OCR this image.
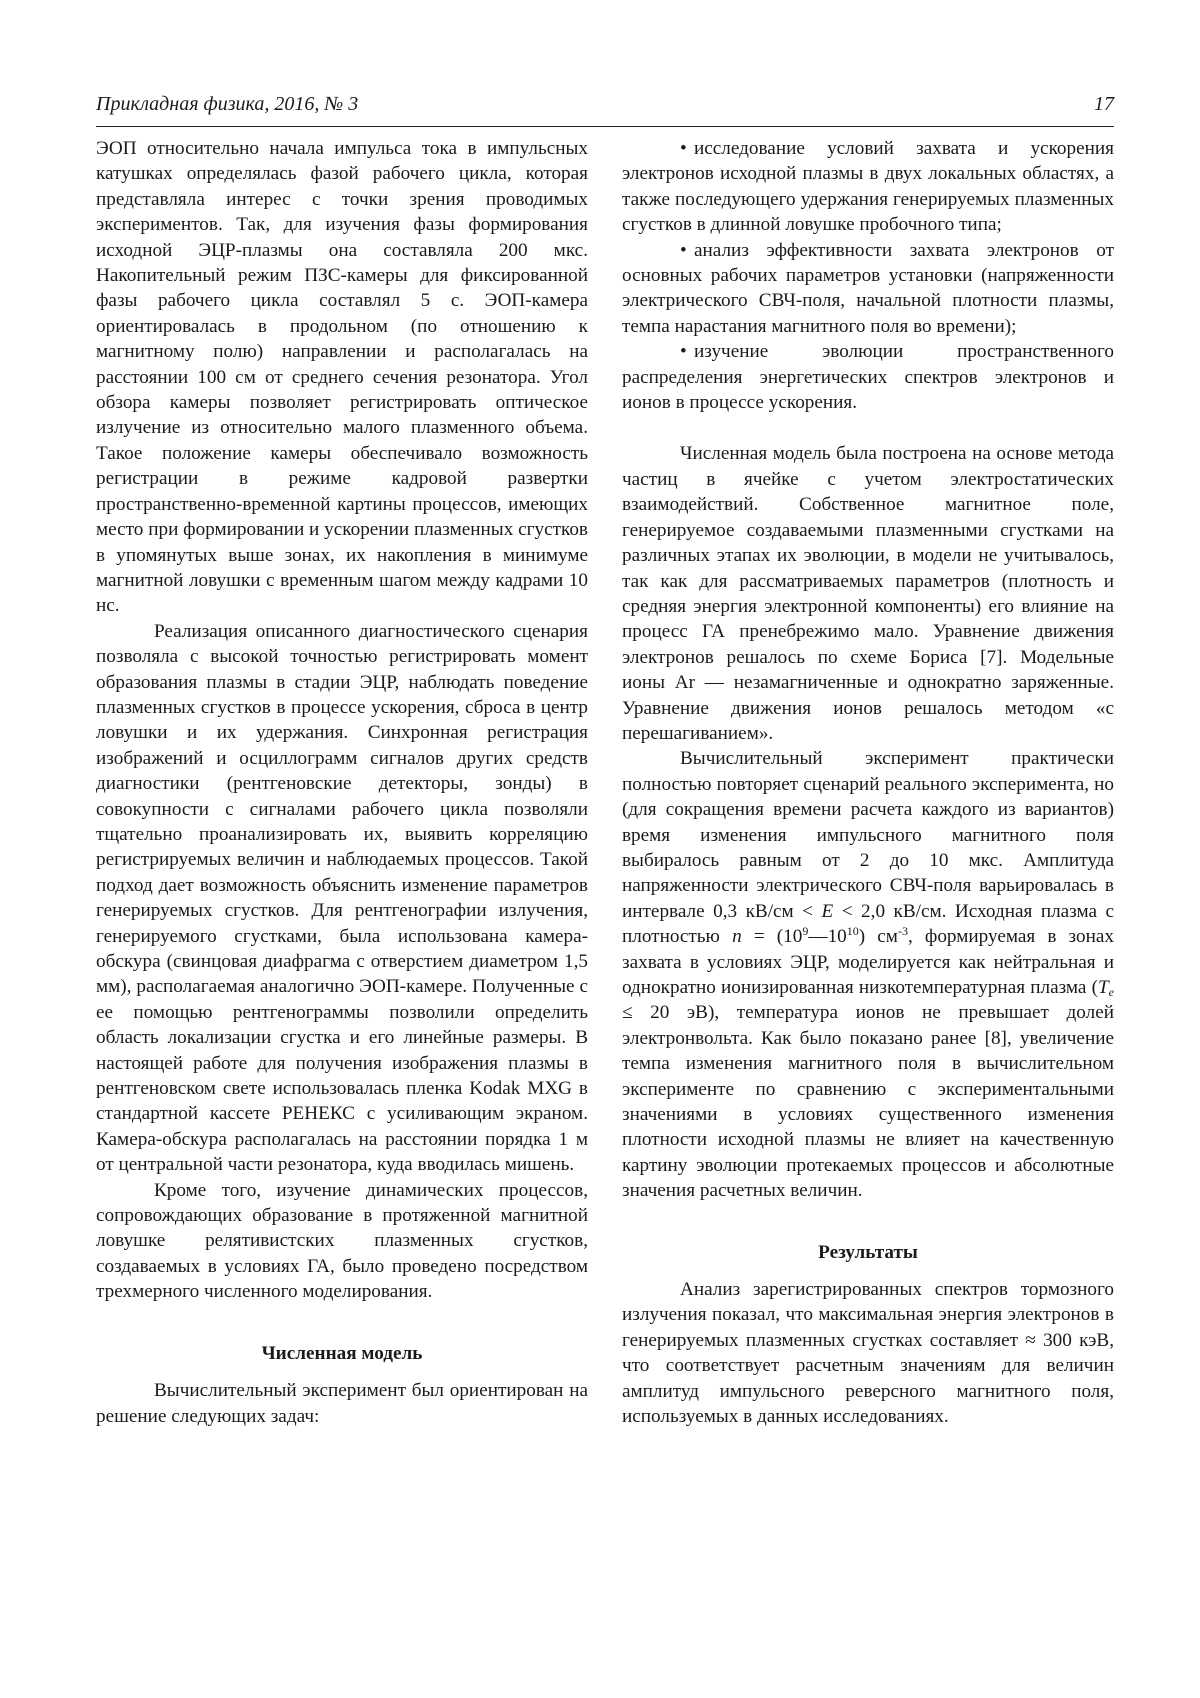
Прикладная физика, 2016, № 3	17

ЭОП относительно начала импульса тока в импульсных катушках определялась фазой рабочего цикла, которая представляла интерес с точки зрения проводимых экспериментов. Так, для изучения фазы формирования исходной ЭЦР-плазмы она составляла 200 мкс. Накопительный режим ПЗС-камеры для фиксированной фазы рабочего цикла составлял 5 с. ЭОП-камера ориентировалась в продольном (по отношению к магнитному полю) направлении и располагалась на расстоянии 100 см от среднего сечения резонатора. Угол обзора камеры позволяет регистрировать оптическое излучение из относительно малого плазменного объема. Такое положение камеры обеспечивало возможность регистрации в режиме кадровой развертки пространственно-временной картины процессов, имеющих место при формировании и ускорении плазменных сгустков в упомянутых выше зонах, их накопления в минимуме магнитной ловушки с временным шагом между кадрами 10 нс.

Реализация описанного диагностического сценария позволяла с высокой точностью регистрировать момент образования плазмы в стадии ЭЦР, наблюдать поведение плазменных сгустков в процессе ускорения, сброса в центр ловушки и их удержания. Синхронная регистрация изображений и осциллограмм сигналов других средств диагностики (рентгеновские детекторы, зонды) в совокупности с сигналами рабочего цикла позволяли тщательно проанализировать их, выявить корреляцию регистрируемых величин и наблюдаемых процессов. Такой подход дает возможность объяснить изменение параметров генерируемых сгустков. Для рентгенографии излучения, генерируемого сгустками, была использована камера-обскура (свинцовая диафрагма с отверстием диаметром 1,5 мм), располагаемая аналогично ЭОП-камере. Полученные с ее помощью рентгенограммы позволили определить область локализации сгустка и его линейные размеры. В настоящей работе для получения изображения плазмы в рентгеновском свете использовалась пленка Kodak MXG в стандартной кассете РЕНЕКС с усиливающим экраном. Камера-обскура располагалась на расстоянии порядка 1 м от центральной части резонатора, куда вводилась мишень.

Кроме того, изучение динамических процессов, сопровождающих образование в протяженной магнитной ловушке релятивистских плазменных сгустков, создаваемых в условиях ГА, было проведено посредством трехмерного численного моделирования.

Численная модель

Вычислительный эксперимент был ориентирован на решение следующих задач:

• исследование условий захвата и ускорения электронов исходной плазмы в двух локальных областях, а также последующего удержания генерируемых плазменных сгустков в длинной ловушке пробочного типа;

• анализ эффективности захвата электронов от основных рабочих параметров установки (напряженности электрического СВЧ-поля, начальной плотности плазмы, темпа нарастания магнитного поля во времени);

• изучение эволюции пространственного распределения энергетических спектров электронов и ионов в процессе ускорения.

Численная модель была построена на основе метода частиц в ячейке с учетом электростатических взаимодействий. Собственное магнитное поле, генерируемое создаваемыми плазменными сгустками на различных этапах их эволюции, в модели не учитывалось, так как для рассматриваемых параметров (плотность и средняя энергия электронной компоненты) его влияние на процесс ГА пренебрежимо мало. Уравнение движения электронов решалось по схеме Бориса [7]. Модельные ионы Ar — незамагниченные и однократно заряженные. Уравнение движения ионов решалось методом «с перешагиванием».

Вычислительный эксперимент практически полностью повторяет сценарий реального эксперимента, но (для сокращения времени расчета каждого из вариантов) время изменения импульсного магнитного поля выбиралось равным от 2 до 10 мкс. Амплитуда напряженности электрического СВЧ-поля варьировалась в интервале 0,3 кВ/см < E < 2,0 кВ/см. Исходная плазма с плотностью $n = (10^9—10^{10})$ $см^{-3}$, формируемая в зонах захвата в условиях ЭЦР, моделируется как нейтральная и однократно ионизированная низкотемпературная плазма ($T_e \le 20$ эВ), температура ионов не превышает долей электронвольта. Как было показано ранее [8], увеличение темпа изменения магнитного поля в вычислительном эксперименте по сравнению с экспериментальными значениями в условиях существенного изменения плотности исходной плазмы не влияет на качественную картину эволюции протекаемых процессов и абсолютные значения расчетных величин.

Результаты

Анализ зарегистрированных спектров тормозного излучения показал, что максимальная энергия электронов в генерируемых плазменных сгустках составляет ≈ 300 кэВ, что соответствует расчетным значениям для величин амплитуд импульсного реверсного магнитного поля, используемых в данных исследованиях.
